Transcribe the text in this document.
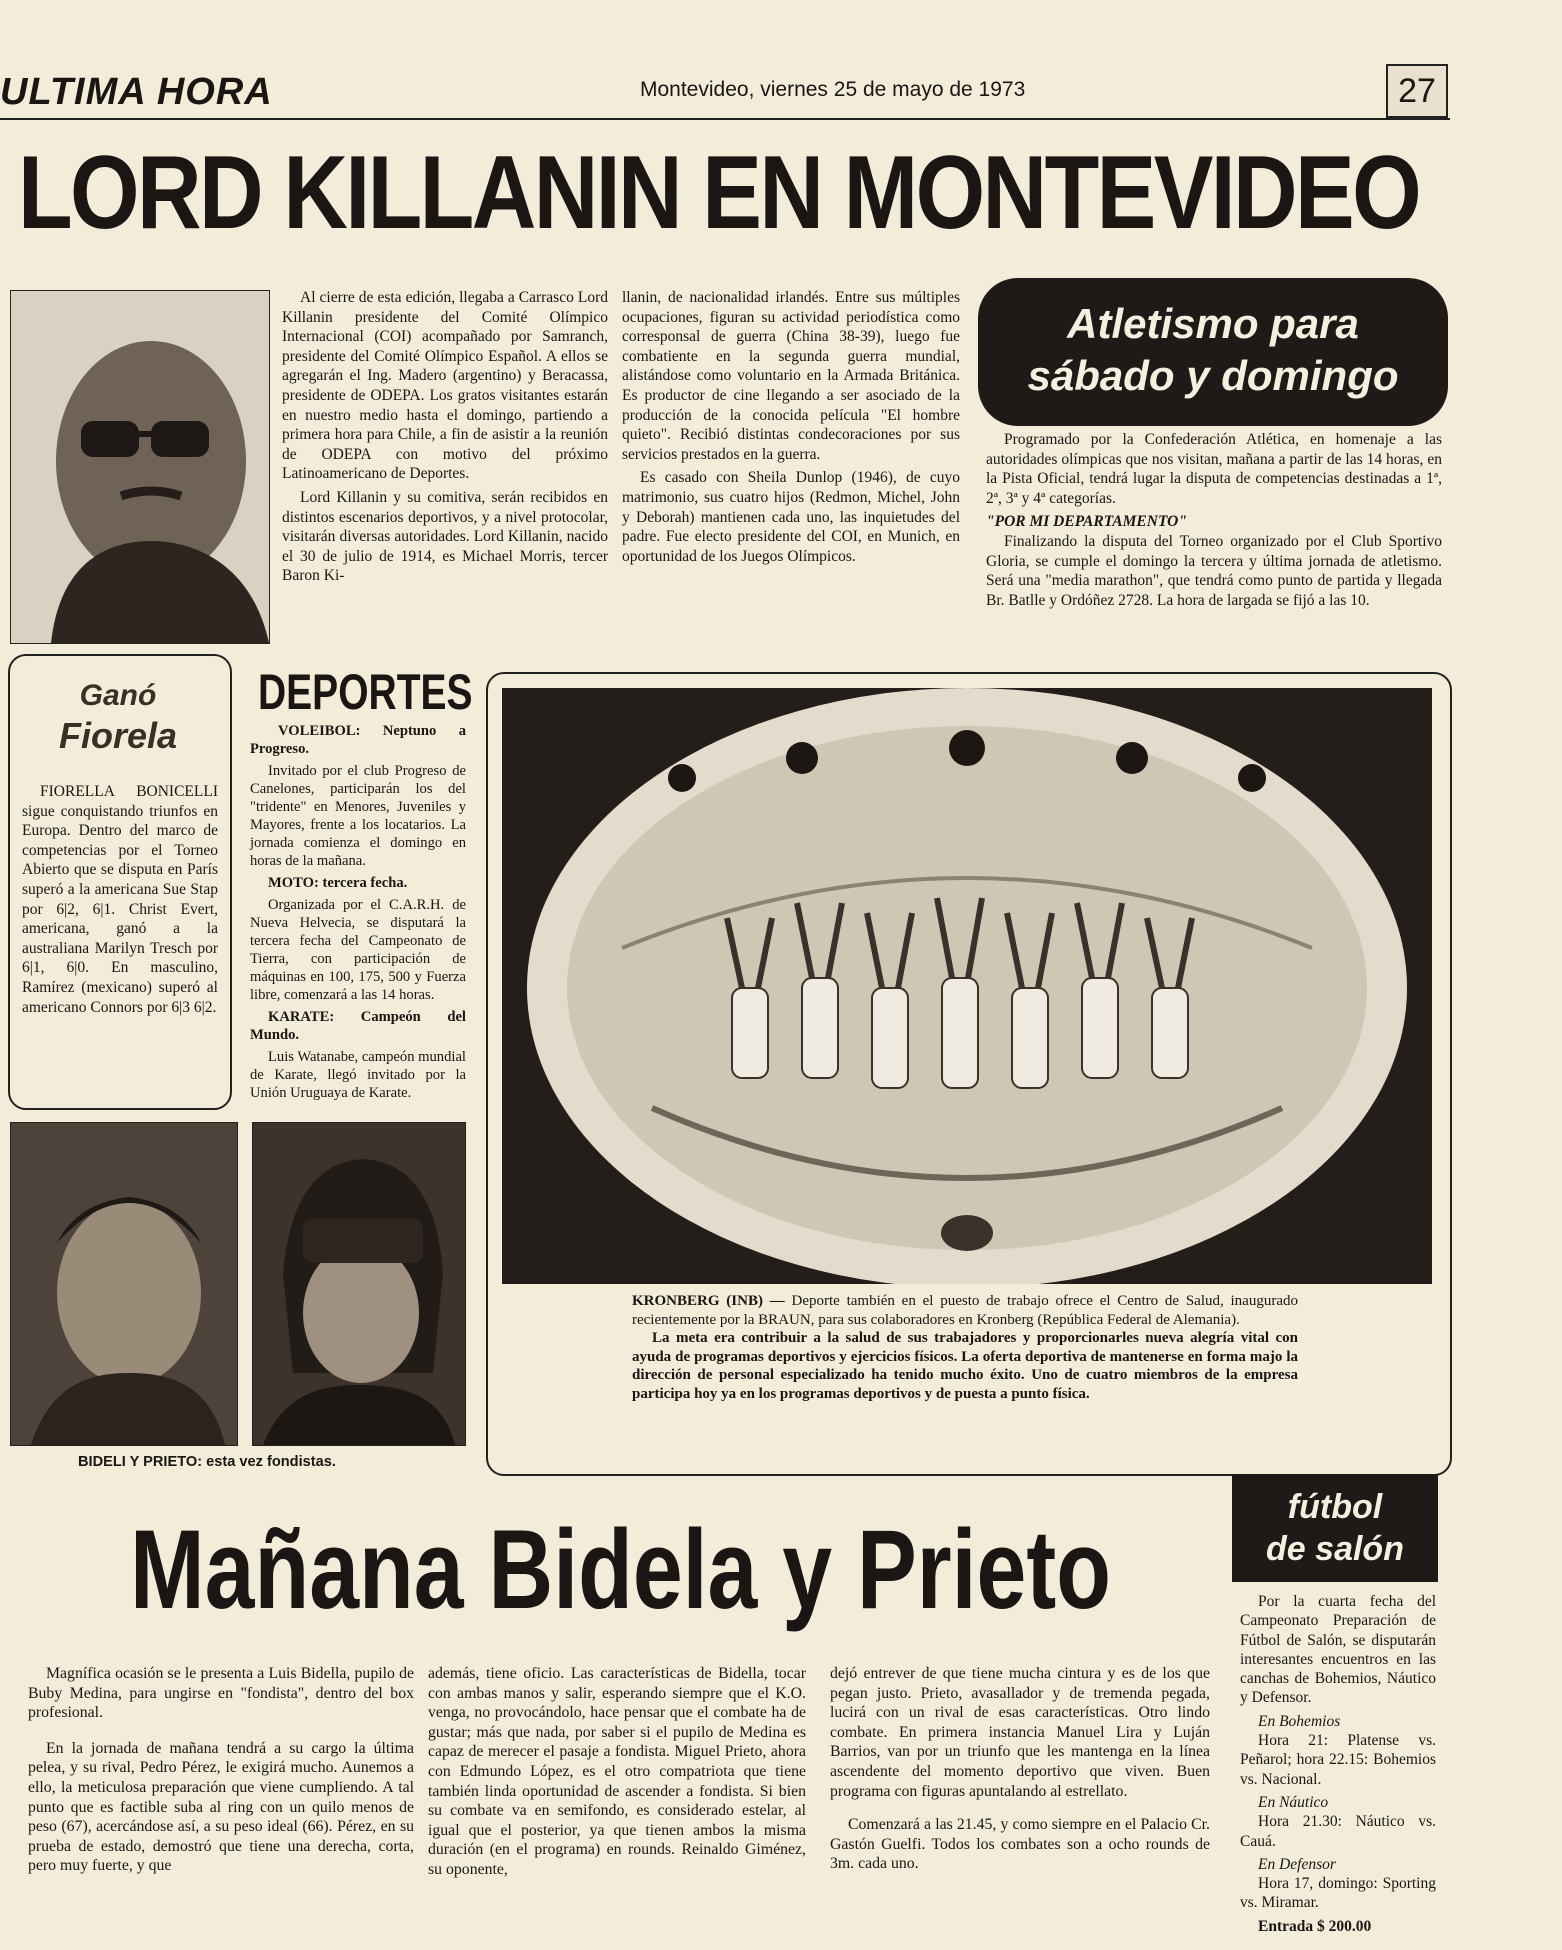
ULTIMA HORA	Montevideo, viernes 25 de mayo de 1973	27
LORD KILLANIN EN MONTEVIDEO

Al cierre de esta edición, llegaba a Carrasco Lord Killanin presidente del Comité Olímpico Internacional (COI) acompañado por Samranch, presidente del Comité Olímpico Español. A ellos se agregarán el Ing. Madero (argentino) y Beracassa, presidente de ODEPA. Los gratos visitantes estarán en nuestro medio hasta el domingo, partiendo a primera hora para Chile, a fin de asistir a la reunión de ODEPA con motivo del próximo Latinoamericano de Deportes.

Lord Killanin y su comitiva, serán recibidos en distintos escenarios deportivos, y a nivel protocolar, visitarán diversas autoridades. Lord Killanin, nacido el 30 de julio de 1914, es Michael Morris, tercer Baron Ki-

llanin, de nacionalidad irlandés. Entre sus múltiples ocupaciones, figuran su actividad periodística como corresponsal de guerra (China 38-39), luego fue combatiente en la segunda guerra mundial, alistándose como voluntario en la Armada Británica. Es productor de cine llegando a ser asociado de la producción de la conocida película "El hombre quieto". Recibió distintas condecoraciones por sus servicios prestados en la guerra.

Es casado con Sheila Dunlop (1946), de cuyo matrimonio, sus cuatro hijos (Redmon, Michel, John y Deborah) mantienen cada uno, las inquietudes del padre. Fue electo presidente del COI, en Munich, en oportunidad de los Juegos Olímpicos.

Atletismo para
sábado y domingo

Programado por la Confederación Atlética, en homenaje a las autoridades olímpicas que nos visitan, mañana a partir de las 14 horas, en la Pista Oficial, tendrá lugar la disputa de competencias destinadas a 1ª, 2ª, 3ª y 4ª categorías.

"POR MI DEPARTAMENTO"

Finalizando la disputa del Torneo organizado por el Club Sportivo Gloria, se cumple el domingo la tercera y última jornada de atletismo. Será una "media marathon", que tendrá como punto de partida y llegada Br. Batlle y Ordóñez 2728. La hora de largada se fijó a las 10.

Ganó
Fiorela

FIORELLA BONICELLI sigue conquistando triunfos en Europa. Dentro del marco de competencias por el Torneo Abierto que se disputa en París superó a la americana Sue Stap por 6|2, 6|1. Christ Evert, americana, ganó a la australiana Marilyn Tresch por 6|1, 6|0. En masculino, Ramírez (mexicano) superó al americano Connors por 6|3 6|2.

DEPORTES

VOLEIBOL: Neptuno a Progreso.

Invitado por el club Progreso de Canelones, participarán los del "tridente" en Menores, Juveniles y Mayores, frente a los locatarios. La jornada comienza el domingo en horas de la mañana.

MOTO: tercera fecha.

Organizada por el C.A.R.H. de Nueva Helvecia, se disputará la tercera fecha del Campeonato de Tierra, con participación de máquinas en 100, 175, 500 y Fuerza libre, comenzará a las 14 horas.

KARATE: Campeón del Mundo.

Luis Watanabe, campeón mundial de Karate, llegó invitado por la Unión Uruguaya de Karate.

BIDELI Y PRIETO: esta vez fondistas.

KRONBERG (INB) — Deporte también en el puesto de trabajo ofrece el Centro de Salud, inaugurado recientemente por la BRAUN, para sus colaboradores en Kronberg (República Federal de Alemania).

La meta era contribuir a la salud de sus trabajadores y proporcionarles nueva alegría vital con ayuda de programas deportivos y ejercicios físicos. La oferta deportiva de mantenerse en forma majo la dirección de personal especializado ha tenido mucho éxito. Uno de cuatro miembros de la empresa participa hoy ya en los programas deportivos y de puesta a punto física.

fútbol
de salón

Por la cuarta fecha del Campeonato Preparación de Fútbol de Salón, se disputarán interesantes encuentros en las canchas de Bohemios, Náutico y Defensor.

En Bohemios

Hora 21: Platense vs. Peñarol; hora 22.15: Bohemios vs. Nacional.

En Náutico

Hora 21.30: Náutico vs. Cauá.

En Defensor

Hora 17, domingo: Sporting vs. Miramar.

Entrada $ 200.00

Mañana Bidela y Prieto

Magnífica ocasión se le presenta a Luis Bidella, pupilo de Buby Medina, para ungirse en "fondista", dentro del box profesional.

En la jornada de mañana tendrá a su cargo la última pelea, y su rival, Pedro Pérez, le exigirá mucho. Aunemos a ello, la meticulosa preparación que viene cumpliendo. A tal punto que es factible suba al ring con un quilo menos de peso (67), acercándose así, a su peso ideal (66). Pérez, en su prueba de estado, demostró que tiene una derecha, corta, pero muy fuerte, y que

además, tiene oficio. Las características de Bidella, tocar con ambas manos y salir, esperando siempre que el K.O. venga, no provocándolo, hace pensar que el combate ha de gustar; más que nada, por saber si el pupilo de Medina es capaz de merecer el pasaje a fondista. Miguel Prieto, ahora con Edmundo López, es el otro compatriota que tiene también linda oportunidad de ascender a fondista. Si bien su combate va en semifondo, es considerado estelar, al igual que el posterior, ya que tienen ambos la misma duración (en el programa) en rounds. Reinaldo Giménez, su oponente,

dejó entrever de que tiene mucha cintura y es de los que pegan justo. Prieto, avasallador y de tremenda pegada, lucirá con un rival de esas características. Otro lindo combate. En primera instancia Manuel Lira y Luján Barrios, van por un triunfo que les mantenga en la línea ascendente del momento deportivo que viven. Buen programa con figuras apuntalando al estrellato.

Comenzará a las 21.45, y como siempre en el Palacio Cr. Gastón Guelfi. Todos los combates son a ocho rounds de 3m. cada uno.
